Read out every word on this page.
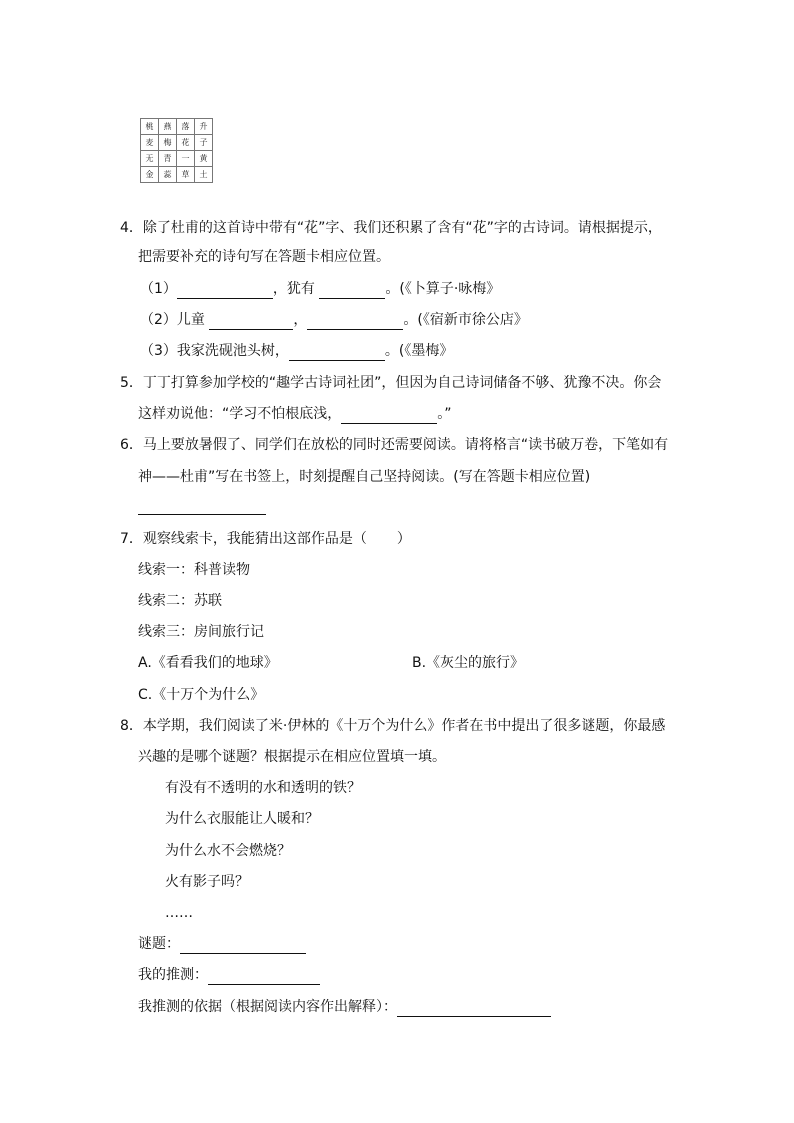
桃	燕	落	升
麦	梅	花	子
无	青	一	黄
金	蕊	草	土
4．除了杜甫的这首诗中带有“花”字、我们还积累了含有“花”字的古诗词。请根据提示，
把需要补充的诗句写在答题卡相应位置。
（1）	，犹有	。(《卜算子·咏梅》
（2）儿童	，	。(《宿新市徐公店》
（3）我家洗砚池头树，	。(《墨梅》
5．丁丁打算参加学校的“趣学古诗词社团”，但因为自己诗词储备不够、犹豫不决。你会
这样劝说他：“学习不怕根底浅，	。”
6．马上要放暑假了、同学们在放松的同时还需要阅读。请将格言“读书破万卷，下笔如有
神——杜甫”写在书签上，时刻提醒自己坚持阅读。(写在答题卡相应位置)
7．观察线索卡，我能猜出这部作品是（ ）
线索一：科普读物
线索二：苏联
线索三：房间旅行记
A.《看看我们的地球》	B.《灰尘的旅行》
C.《十万个为什么》
8．本学期，我们阅读了米·伊林的《十万个为什么》作者在书中提出了很多谜题，你最感
兴趣的是哪个谜题？根据提示在相应位置填一填。
有没有不透明的水和透明的铁？
为什么衣服能让人暖和？
为什么水不会燃烧？
火有影子吗？
……
谜题：
我的推测：
我推测的依据（根据阅读内容作出解释）：
